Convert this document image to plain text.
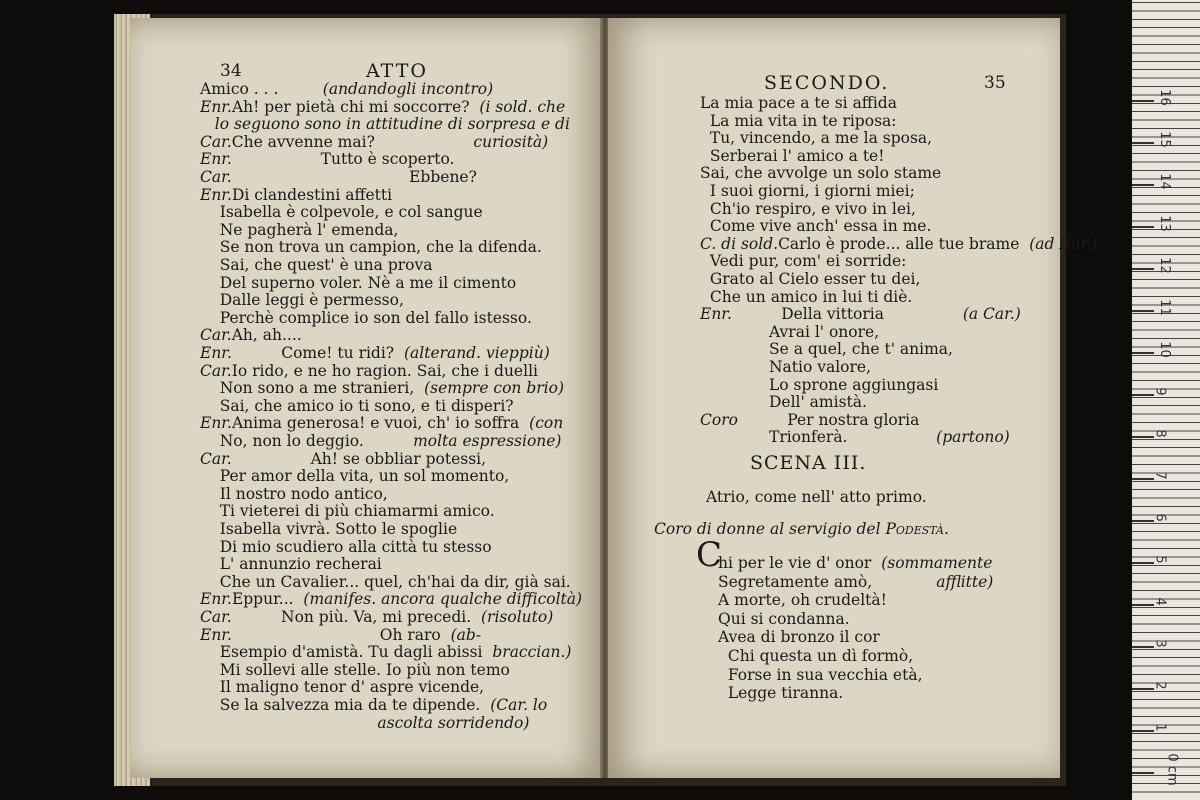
34	ATTO
Amico . . .         (andandogli incontro)
Enr.Ah! per pietà chi mi soccorre?  (i sold. che
lo seguono sono in attitudine di sorpresa e di
Car.Che avvenne mai?                    curiosità)
Enr.                  Tutto è scoperto.
Car.                                    Ebbene?
Enr.Di clandestini affetti
Isabella è colpevole, e col sangue
Ne pagherà l' emenda,
Se non trova un campion, che la difenda.
Sai, che quest' è una prova
Del superno voler. Nè a me il cimento
Dalle leggi è permesso,
Perchè complice io son del fallo istesso.
Car.Ah, ah....
Enr.          Come! tu ridi?  (alterand. vieppiù)
Car.Io rido, e ne ho ragion. Sai, che i duelli
Non sono a me stranieri,  (sempre con brio)
Sai, che amico io ti sono, e ti disperi?
Enr.Anima generosa! e vuoi, ch' io soffra  (con
No, non lo deggio.          molta espressione)
Car.                Ah! se obbliar potessi,
Per amor della vita, un sol momento,
Il nostro nodo antico,
Ti vieterei di più chiamarmi amico.
Isabella vivrà. Sotto le spoglie
Di mio scudiero alla città tu stesso
L' annunzio recherai
Che un Cavalier... quel, ch'hai da dir, già sai.
Enr.Eppur...  (manifes. ancora qualche difficoltà)
Car.          Non più. Va, mi precedi.  (risoluto)
Enr.                              Oh raro  (ab-
Esempio d'amistà. Tu dagli abissi  braccian.)
Mi sollevi alle stelle. Io più non temo
Il maligno tenor d' aspre vicende,
Se la salvezza mia da te dipende.  (Car. lo
ascolta sorridendo)
SECONDO.	35
La mia pace a te si affida
La mia vita in te riposa:
Tu, vincendo, a me la sposa,
Serberai l' amico a te!
Sai, che avvolge un solo stame
I suoi giorni, i giorni miei;
Ch'io respiro, e vivo in lei,
Come vive anch' essa in me.
C. di sold.Carlo è prode... alle tue brame  (ad Enr.)
Vedi pur, com' ei sorride:
Grato al Cielo esser tu dei,
Che un amico in lui ti diè.
Enr.          Della vittoria                (a Car.)
Avrai l' onore,
Se a quel, che t' anima,
Natio valore,
Lo sprone aggiungasi
Dell' amistà.
Coro          Per nostra gloria
Trionferà.                  (partono)
SCENA III.
Atrio, come nell' atto primo.
Coro di donne al servigio del Podestà.
C
hi per le vie d' onor  (sommamente
Segretamente amò,             afflitte)
A morte, oh crudeltà!
Qui si condanna.
Avea di bronzo il cor
Chi questa un dì formò,
Forse in sua vecchia età,
Legge tiranna.
0 cm
1
2
3
4
5
6
7
8
9
10
11
12
13
14
15
16
